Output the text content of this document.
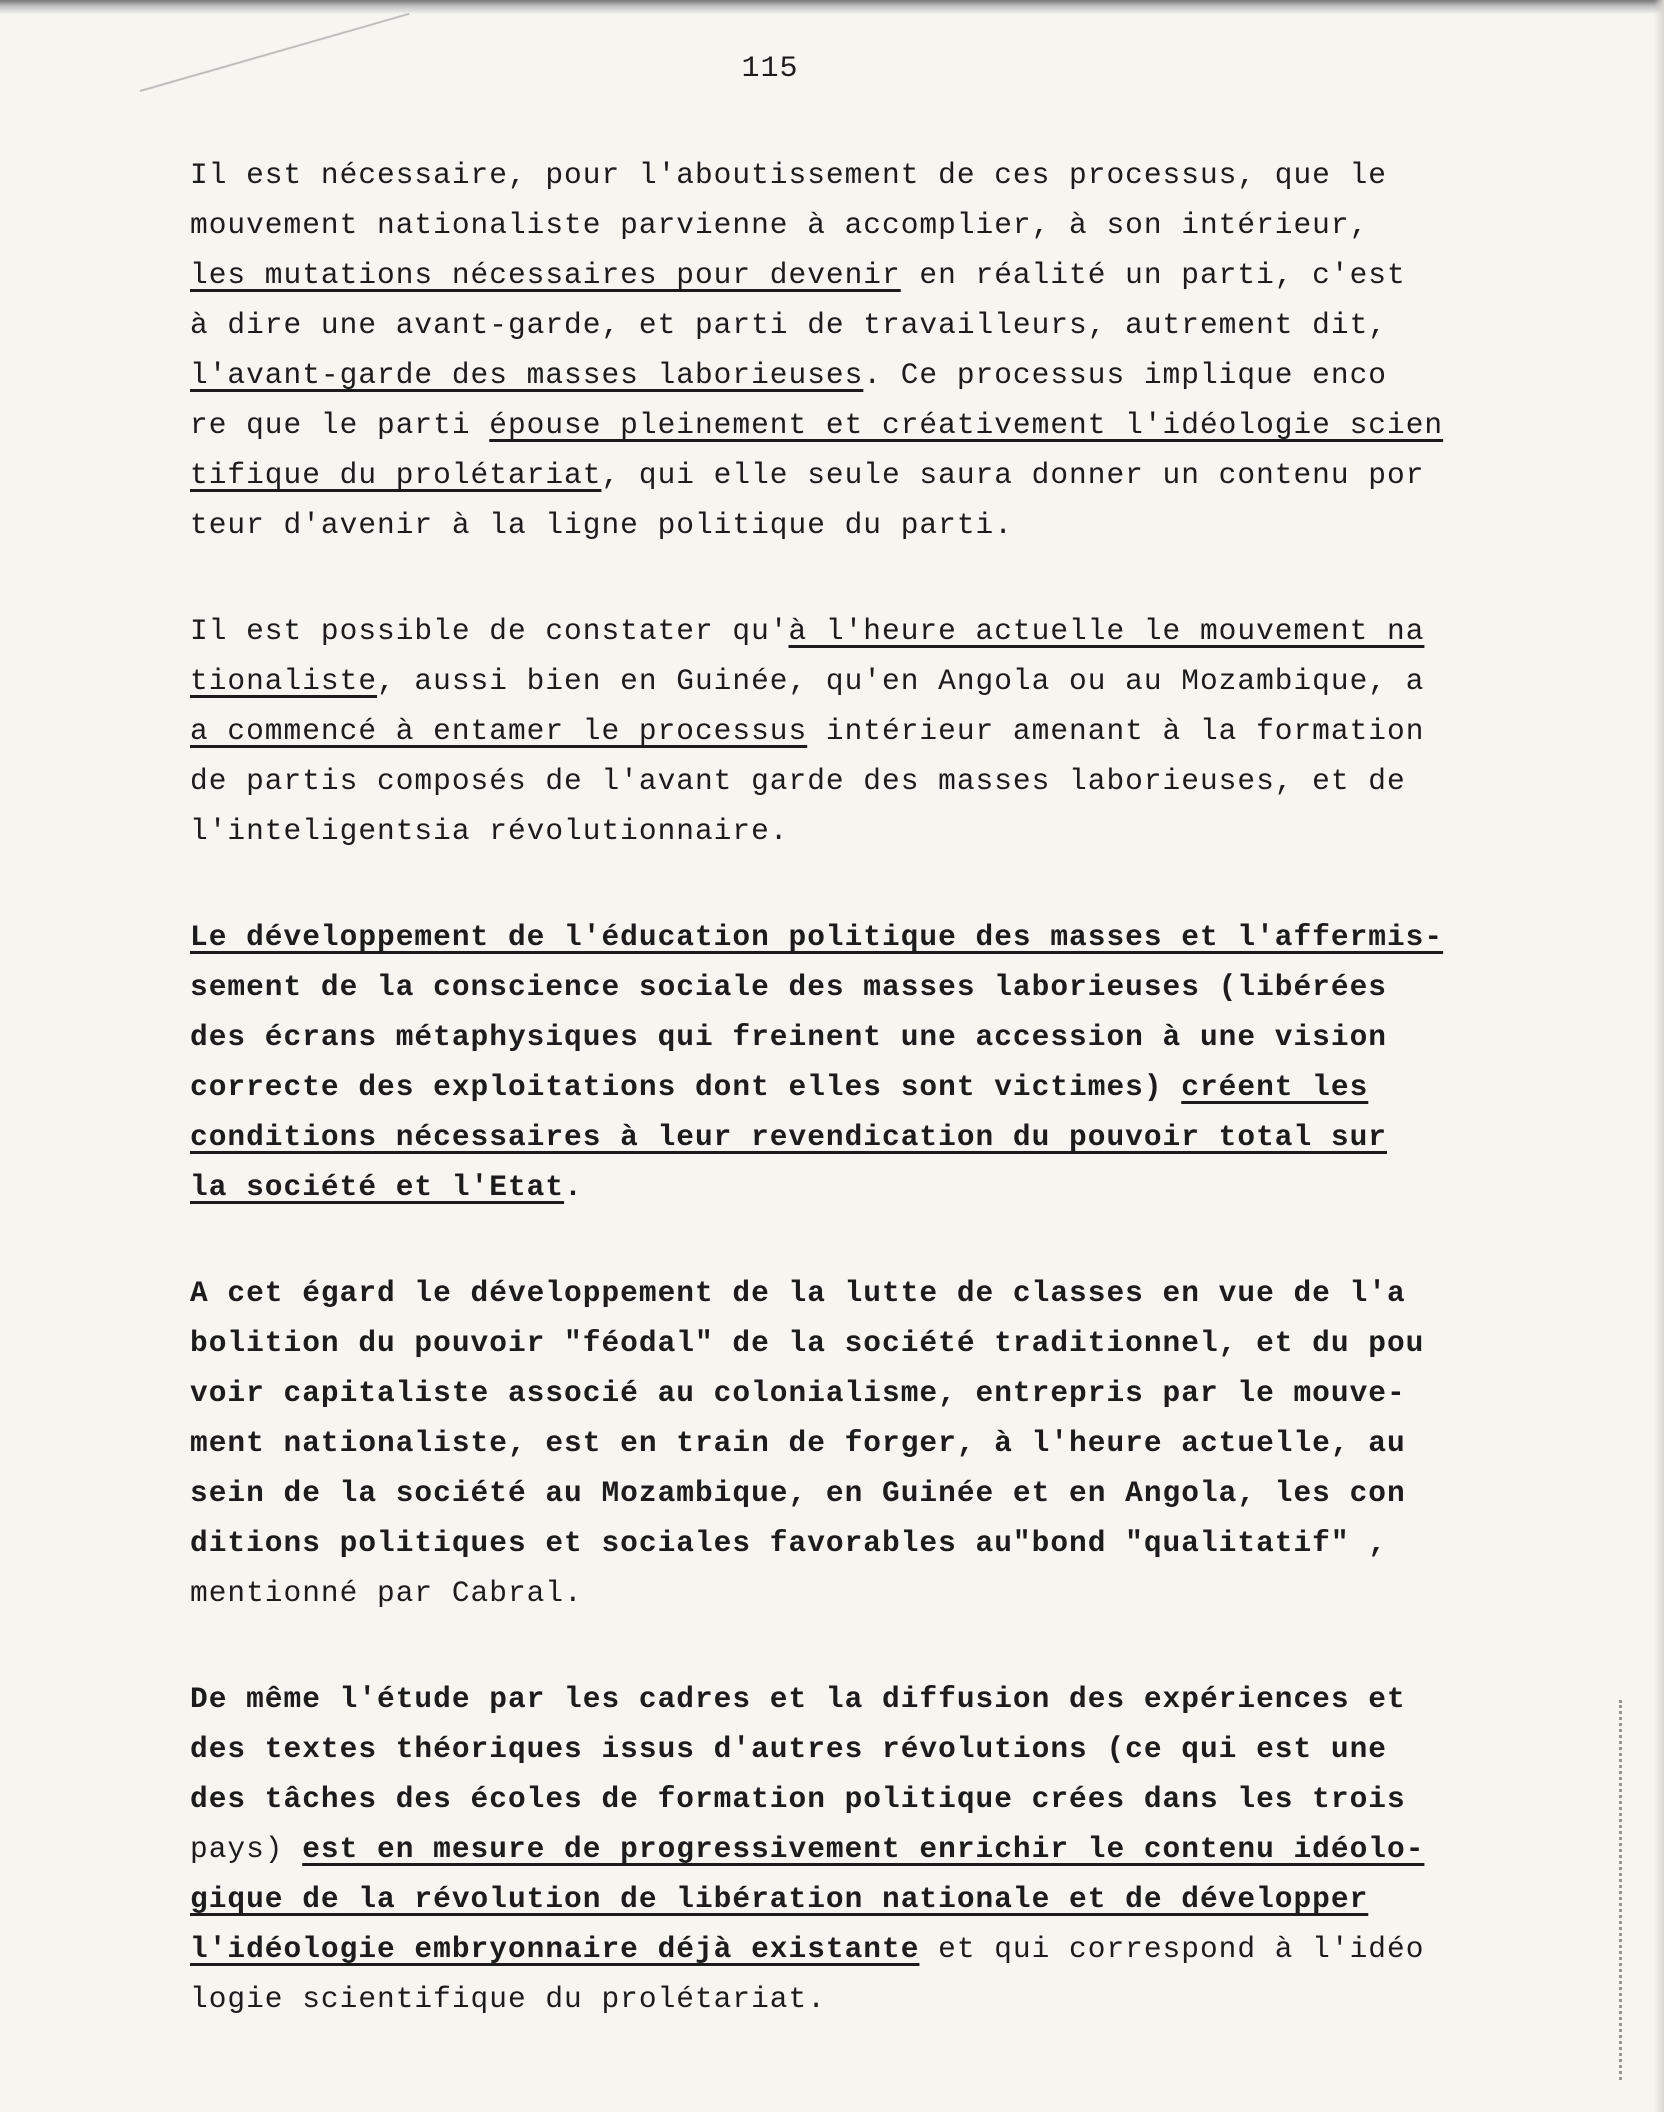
115
Il est nécessaire, pour l'aboutissement de ces processus, que le
mouvement nationaliste parvienne à accomplier, à son intérieur,
les mutations nécessaires pour devenir en réalité un parti, c'est
à dire une avant-garde, et parti de travailleurs, autrement dit,
l'avant-garde des masses laborieuses. Ce processus implique enco
re que le parti épouse pleinement et créativement l'idéologie scien
tifique du prolétariat, qui elle seule saura donner un contenu por
teur d'avenir à la ligne politique du parti.
Il est possible de constater qu'à l'heure actuelle le mouvement na
tionaliste, aussi bien en Guinée, qu'en Angola ou au Mozambique, a
a commencé à entamer le processus intérieur amenant à la formation
de partis composés de l'avant garde des masses laborieuses, et de
l'inteligentsia révolutionnaire.
Le développement de l'éducation politique des masses et l'affermis-
sement de la conscience sociale des masses laborieuses (libérées
des écrans métaphysiques qui freinent une accession à une vision
correcte des exploitations dont elles sont victimes) créent les
conditions nécessaires à leur revendication du pouvoir total sur
la société et l'Etat.
A cet égard le développement de la lutte de classes en vue de l'a
bolition du pouvoir "féodal" de la société traditionnel, et du pou
voir capitaliste associé au colonialisme, entrepris par le mouve-
ment nationaliste, est en train de forger, à l'heure actuelle, au
sein de la société au Mozambique, en Guinée et en Angola, les con
ditions politiques et sociales favorables au"bond "qualitatif" ,
mentionné par Cabral.
De même l'étude par les cadres et la diffusion des expériences et
des textes théoriques issus d'autres révolutions (ce qui est une
des tâches des écoles de formation politique crées dans les trois
pays) est en mesure de progressivement enrichir le contenu idéolo-
gique de la révolution de libération nationale et de développer
l'idéologie embryonnaire déjà existante et qui correspond à l'idéo
logie scientifique du prolétariat.
